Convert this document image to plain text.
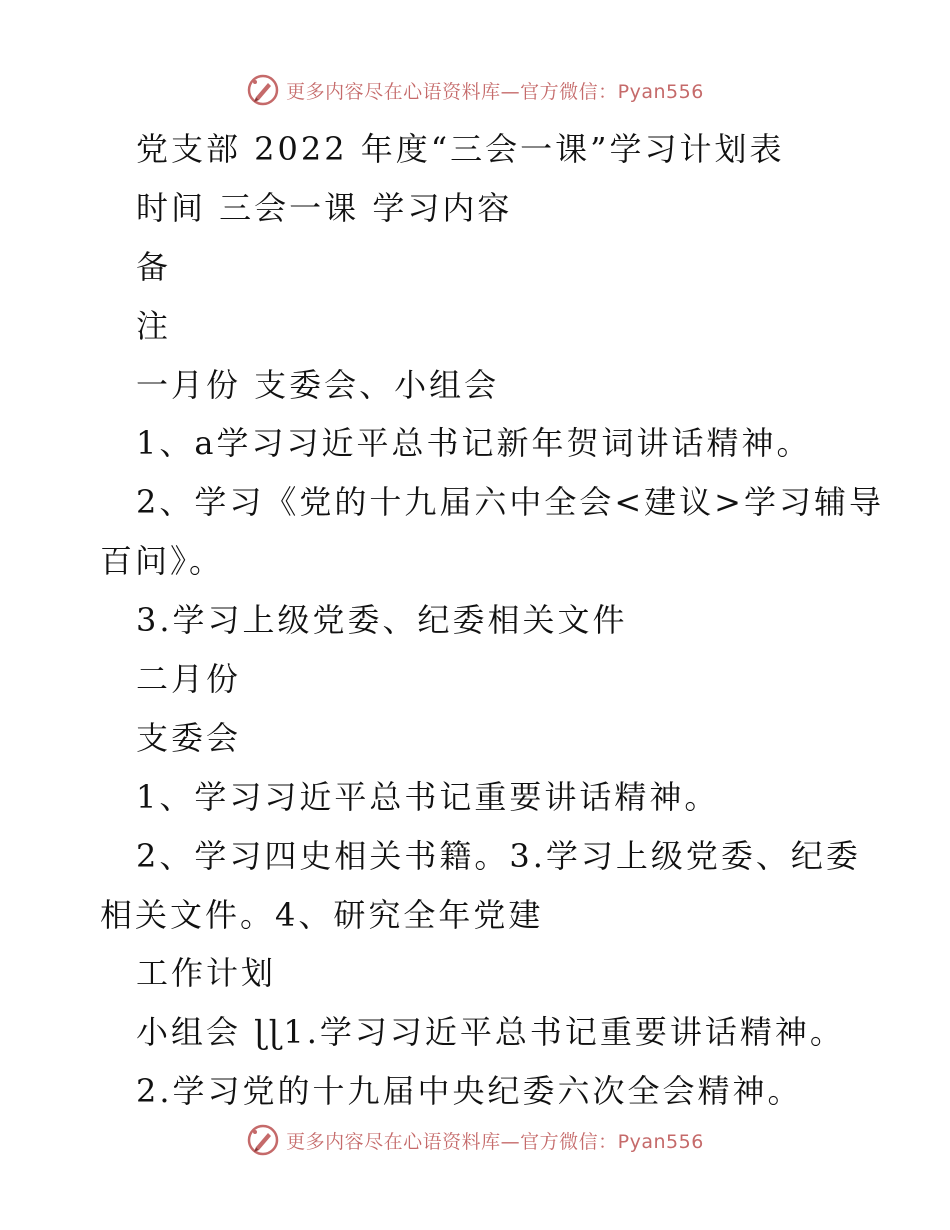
更多内容尽在心语资料库—官方微信：Pyan556
党支部 2022 年度“三会一课”学习计划表
时间 三会一课 学习内容
备
注
一月份 支委会、小组会
1、a学习习近平总书记新年贺词讲话精神。
2、学习《党的十九届六中全会<建议>学习辅导
百问》。
3.学习上级党委、纪委相关文件
二月份
支委会
1、学习习近平总书记重要讲话精神。
2、学习四史相关书籍。3.学习上级党委、纪委
相关文件。4、研究全年党建
工作计划
小组会 ɭɭ1.学习习近平总书记重要讲话精神。
2.学习党的十九届中央纪委六次全会精神。
更多内容尽在心语资料库—官方微信：Pyan556
